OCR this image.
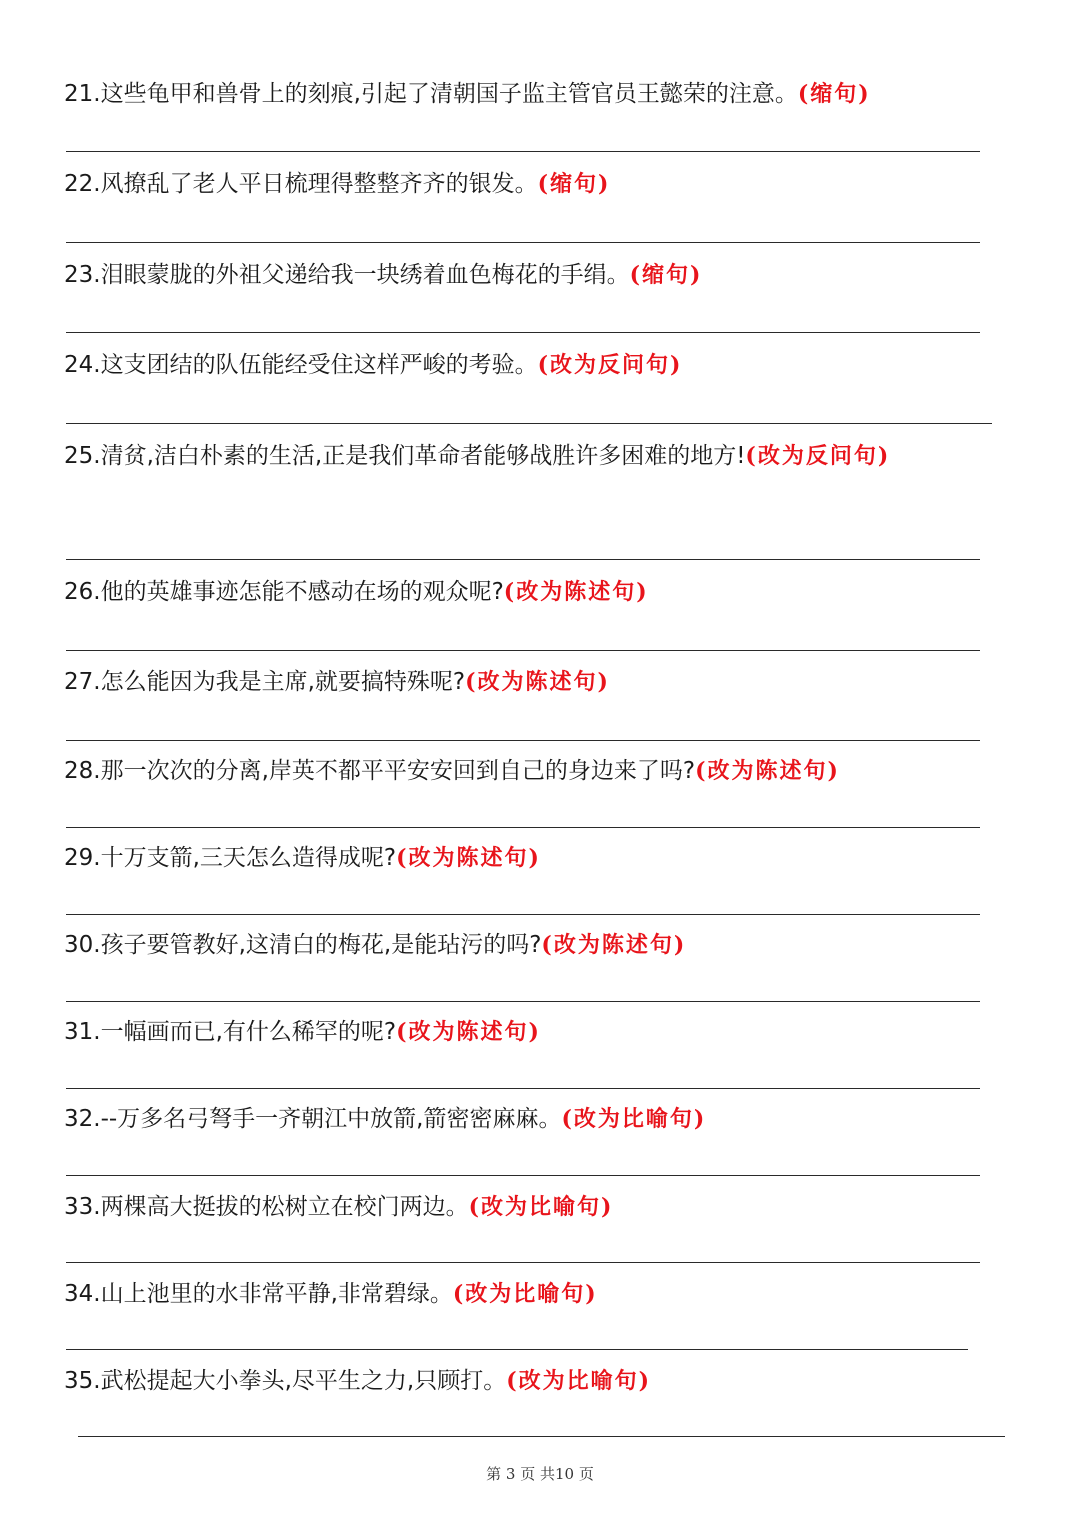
21.这些龟甲和兽骨上的刻痕,引起了清朝国子监主管官员王懿荣的注意。(缩句)
22.风撩乱了老人平日梳理得整整齐齐的银发。(缩句)
23.泪眼蒙胧的外祖父递给我一块绣着血色梅花的手绢。(缩句)
24.这支团结的队伍能经受住这样严峻的考验。(改为反问句)
25.清贫,洁白朴素的生活,正是我们革命者能够战胜许多困难的地方!(改为反问句)
26.他的英雄事迹怎能不感动在场的观众呢?(改为陈述句)
27.怎么能因为我是主席,就要搞特殊呢?(改为陈述句)
28.那一次次的分离,岸英不都平平安安回到自己的身边来了吗?(改为陈述句)
29.十万支箭,三天怎么造得成呢?(改为陈述句)
30.孩子要管教好,这清白的梅花,是能玷污的吗?(改为陈述句)
31.一幅画而已,有什么稀罕的呢?(改为陈述句)
32.--万多名弓弩手一齐朝江中放箭,箭密密麻麻。(改为比喻句)
33.两棵高大挺拔的松树立在校门两边。(改为比喻句)
34.山上池里的水非常平静,非常碧绿。(改为比喻句)
35.武松提起大小拳头,尽平生之力,只顾打。(改为比喻句)
第 3 页 共10 页
